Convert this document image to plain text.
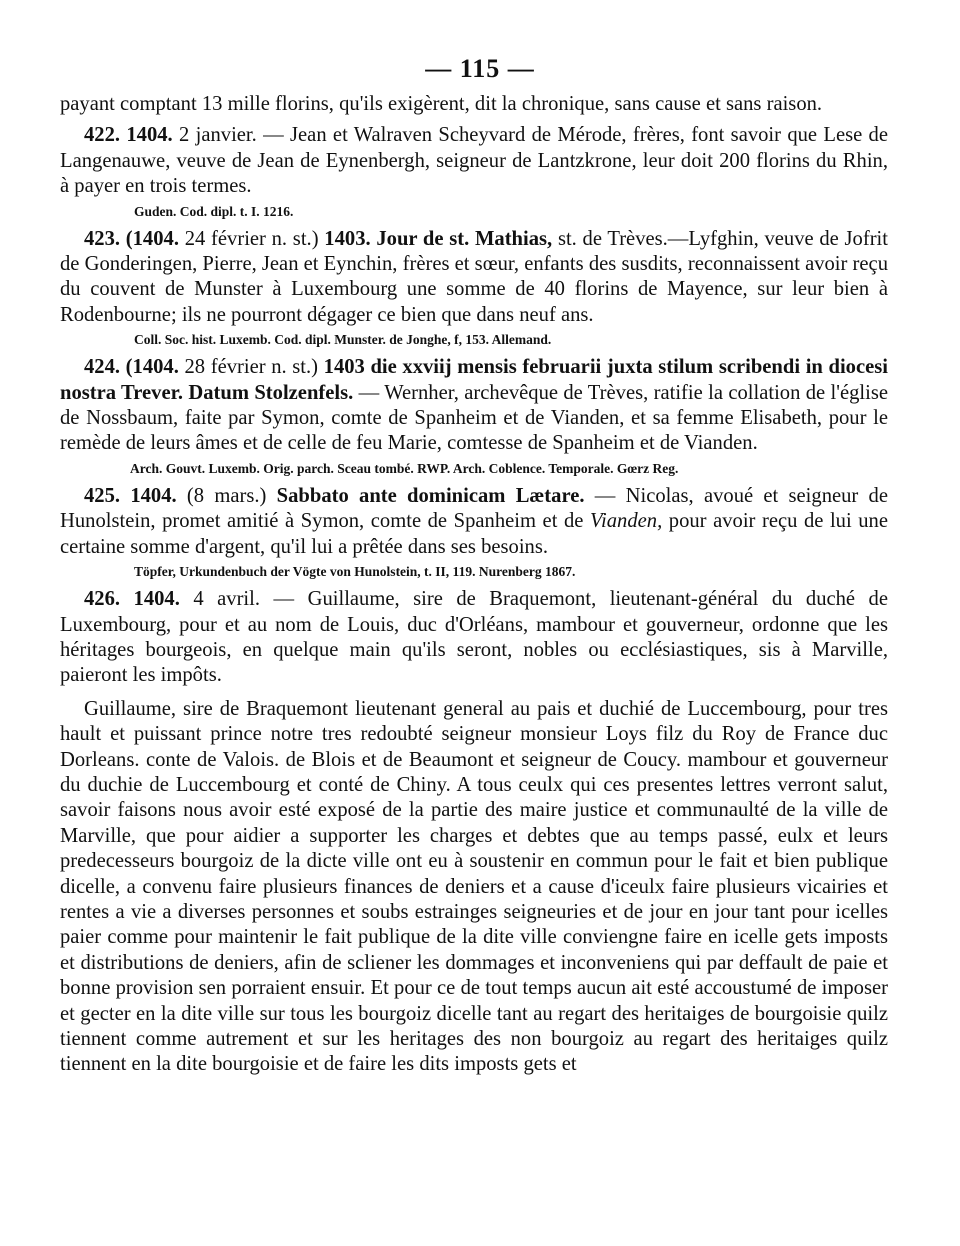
— 115 —

payant comptant 13 mille florins, qu'ils exigèrent, dit la chronique, sans cause et sans raison.

422. 1404. 2 janvier. — Jean et Walraven Scheyvard de Mérode, frères, font savoir que Lese de Langenauwe, veuve de Jean de Eynenbergh, seigneur de Lantzkrone, leur doit 200 florins du Rhin, à payer en trois termes.

Guden. Cod. dipl. t. I. 1216.

423. (1404. 24 février n. st.) 1403. Jour de st. Mathias, st. de Trèves.—Lyfghin, veuve de Jofrit de Gonderingen, Pierre, Jean et Eynchin, frères et sœur, enfants des susdits, reconnaissent avoir reçu du couvent de Munster à Luxembourg une somme de 40 florins de Mayence, sur leur bien à Rodenbourne; ils ne pourront dégager ce bien que dans neuf ans.

Coll. Soc. hist. Luxemb. Cod. dipl. Munster. de Jonghe, f, 153. Allemand.

424. (1404. 28 février n. st.) 1403 die xxviij mensis februarii juxta stilum scribendi in diocesi nostra Trever. Datum Stolzenfels. — Wernher, archevêque de Trèves, ratifie la collation de l'église de Nossbaum, faite par Symon, comte de Spanheim et de Vianden, et sa femme Elisabeth, pour le remède de leurs âmes et de celle de feu Marie, comtesse de Spanheim et de Vianden.

Arch. Gouvt. Luxemb. Orig. parch. Sceau tombé. RWP. Arch. Coblence. Temporale. Gœrz Reg.

425. 1404. (8 mars.) Sabbato ante dominicam Lætare. — Nicolas, avoué et seigneur de Hunolstein, promet amitié à Symon, comte de Spanheim et de Vianden, pour avoir reçu de lui une certaine somme d'argent, qu'il lui a prêtée dans ses besoins.

Töpfer, Urkundenbuch der Vögte von Hunolstein, t. II, 119. Nurenberg 1867.

426. 1404. 4 avril. — Guillaume, sire de Braquemont, lieutenant-général du duché de Luxembourg, pour et au nom de Louis, duc d'Orléans, mambour et gouverneur, ordonne que les héritages bourgeois, en quelque main qu'ils seront, nobles ou ecclésiastiques, sis à Marville, paieront les impôts.

Guillaume, sire de Braquemont lieutenant general au pais et duchié de Luccembourg, pour tres hault et puissant prince notre tres redoubté seigneur monsieur Loys filz du Roy de France duc Dorleans. conte de Valois. de Blois et de Beaumont et seigneur de Coucy. mambour et gouverneur du duchie de Luccembourg et conté de Chiny. A tous ceulx qui ces presentes lettres verront salut, savoir faisons nous avoir esté exposé de la partie des maire justice et communaulté de la ville de Marville, que pour aidier a supporter les charges et debtes que au temps passé, eulx et leurs predecesseurs bourgoiz de la dicte ville ont eu à soustenir en commun pour le fait et bien publique dicelle, a convenu faire plusieurs finances de deniers et a cause d'iceulx faire plusieurs vicairies et rentes a vie a diverses personnes et soubs estrainges seigneuries et de jour en jour tant pour icelles paier comme pour maintenir le fait publique de la dite ville conviengne faire en icelle gets imposts et distributions de deniers, afin de scliener les dommages et inconveniens qui par deffault de paie et bonne provision sen porraient ensuir. Et pour ce de tout temps aucun ait esté accoustumé de imposer et gecter en la dite ville sur tous les bourgoiz dicelle tant au regart des heritaiges de bourgoisie quilz tiennent comme autrement et sur les heritages des non bourgoiz au regart des heritaiges quilz tiennent en la dite bourgoisie et de faire les dits imposts gets et
